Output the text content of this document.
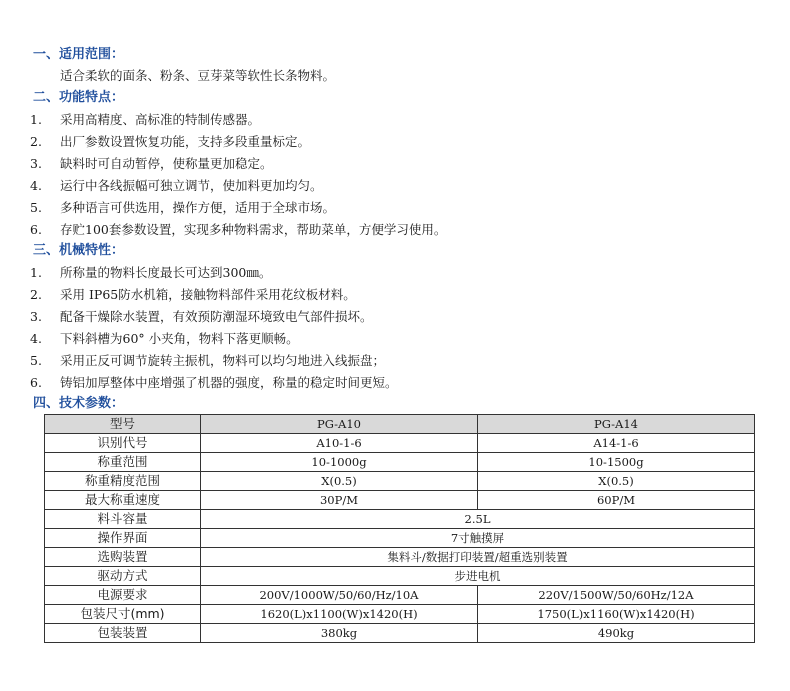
一、适用范围：
适合柔软的面条、粉条、豆芽菜等软性长条物料。
二、功能特点：
1. 采用高精度、高标准的特制传感器。
2. 出厂参数设置恢复功能，支持多段重量标定。
3. 缺料时可自动暂停，使称量更加稳定。
4. 运行中各线振幅可独立调节，使加料更加均匀。
5. 多种语言可供选用，操作方便，适用于全球市场。
6. 存贮100套参数设置，实现多种物料需求，帮助菜单，方便学习使用。
三、机械特性：
1. 所称量的物料长度最长可达到300㎜。
2. 采用 IP65防水机箱，接触物料部件采用花纹板材料。
3. 配备干燥除水装置，有效预防潮湿环境致电气部件损坏。
4. 下料斜槽为60° 小夹角，物料下落更顺畅。
5. 采用正反可调节旋转主振机，物料可以均匀地进入线振盘；
6. 铸铝加厚整体中座增强了机器的强度，称量的稳定时间更短。
四、技术参数：
型号	PG-A10	PG-A14
识别代号	A10-1-6	A14-1-6
称重范围	10-1000g	10-1500g
称重精度范围	X(0.5)	X(0.5)
最大称重速度	30P/M	60P/M
料斗容量	2.5L	
操作界面	7寸触摸屏	
选购装置	集料斗/数据打印装置/超重选别装置	
驱动方式	步进电机	
电源要求	200V/1000W/50/60/Hz/10A	220V/1500W/50/60Hz/12A
包装尺寸(mm)	1620(L)x1100(W)x1420(H)	1750(L)x1160(W)x1420(H)
包装装置	380kg	490kg
